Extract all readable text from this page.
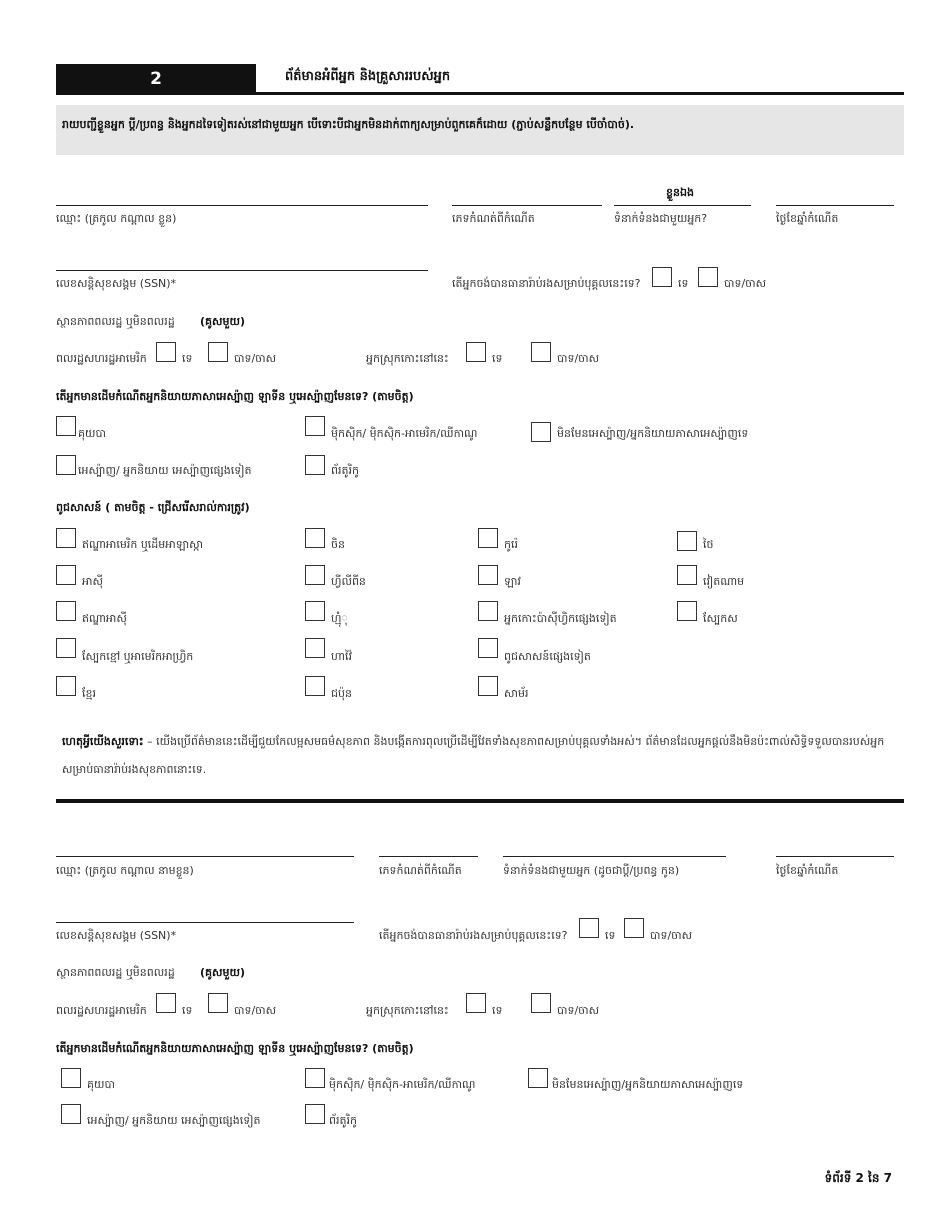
2	ព័ត៌មានអំពីអ្នក និងគ្រួសាររបស់អ្នក
រាយបញ្ជីខ្លួនអ្នក ប្តី/ប្រពន្ធ និងអ្នកដទៃទៀតរស់នៅជាមួយអ្នក បើទោះបីជាអ្នកមិនដាក់ពាក្យសម្រាប់ពួកគេក៏ដោយ (ភ្ជាប់សន្លឹកបន្ថែម បើចាំបាច់).
ខ្លួនឯង
ឈ្មោះ (ត្រកូល កណ្ដាល ខ្លួន)	ភេទកំណត់ពីកំណើត	ទំនាក់ទំនងជាមួយអ្នក?	ថ្ងៃខែឆ្នាំកំណើត
លេខសន្តិសុខសង្គម (SSN)*	តើអ្នកចង់បានធានារ៉ាប់រងសម្រាប់បុគ្គលនេះទេ?	ទេ	បាទ/ចាស
ស្ថានភាពពលរដ្ឋ ឬមិនពលរដ្ឋ (គូសមួយ)
ពលរដ្ឋសហរដ្ឋអាមេរិក	ទេ	បាទ/ចាស	អ្នកស្រុកកោះនៅនេះ	ទេ	បាទ/ចាស
តើអ្នកមានដើមកំណើតអ្នកនិយាយភាសាអេស្ប៉ាញ ឡាទីន ឬអេស្ប៉ាញមែនទេ? (តាមចិត្ត)
គុយបា	ម៉ិកស៊ិក/ ម៉ិកស៊ិក-អាមេរិក/ឈីកាណូ	មិនមែនអេស្ប៉ាញ/អ្នកនិយាយភាសាអេស្ប៉ាញទេ
អេស្ប៉ាញ/ អ្នកនិយាយ អេស្ប៉ាញផ្សេងទៀត	ព័រតូរិកូ
ពូជសាសន៍ ( តាមចិត្ត - ជ្រើសរើសរាល់ការត្រូវ)
ឥណ្ឌាអាមេរិក ឬដើមអាឡាស្កា	ចិន	កូរ៉េ	ថៃ
អាស៊ី	ហ្វីលីពីន	ឡាវ	វៀតណាម
ឥណ្ឌាអាស៊ី	ហ្មុំុ	អ្នកកោះប៉ាស៊ីហ្វិកផ្សេងទៀត	ស្បែកស
ស្បែកខ្មៅ ឬអាមេរិកអាហ្វ្រិក	ហាវ៉ៃ	ពូជសាសន៍ផ្សេងទៀត
ខ្មែរ	ជប៉ុន	សាម័រ
ហេតុអ្វីយើងសួរទោះ – យើងប្រើព័ត៌មាននេះដើម្បីជួយកែលម្អសមធម៌សុខភាព និងបង្កើតការពុលប្រើដើម្បីវែតទាំងសុខភាពសម្រាប់បុគ្គលទាំងអស់។ ព័ត៌មានដែលអ្នកផ្តល់នឹងមិនប៉ះពាល់សិទ្ធិទទួលបានរបស់អ្នក
សម្រាប់ធានារ៉ាប់រងសុខភាពនោះទេ.
ឈ្មោះ (ត្រកូល កណ្ដាល នាមខ្លួន)	ភេទកំណត់ពីកំណើត	ទំនាក់ទំនងជាមួយអ្នក (ដូចជាប្តី/ប្រពន្ធ កូន)	ថ្ងៃខែឆ្នាំកំណើត
លេខសន្តិសុខសង្គម (SSN)*	តើអ្នកចង់បានធានារ៉ាប់រងសម្រាប់បុគ្គលនេះទេ?	ទេ	បាទ/ចាស
ស្ថានភាពពលរដ្ឋ ឬមិនពលរដ្ឋ (គូសមួយ)
ពលរដ្ឋសហរដ្ឋអាមេរិក	ទេ	បាទ/ចាស	អ្នកស្រុកកោះនៅនេះ	ទេ	បាទ/ចាស
តើអ្នកមានដើមកំណើតអ្នកនិយាយភាសាអេស្ប៉ាញ ឡាទីន ឬអេស្ប៉ាញមែនទេ? (តាមចិត្ត)
គុយបា	ម៉ិកស៊ិក/ ម៉ិកស៊ិក-អាមេរិក/ឈីកាណូ	មិនមែនអេស្ប៉ាញ/អ្នកនិយាយភាសាអេស្ប៉ាញទេ
អេស្ប៉ាញ/ អ្នកនិយាយ អេស្ប៉ាញផ្សេងទៀត	ព័រតូរិកូ
ទំព័រទី 2 នៃ 7
